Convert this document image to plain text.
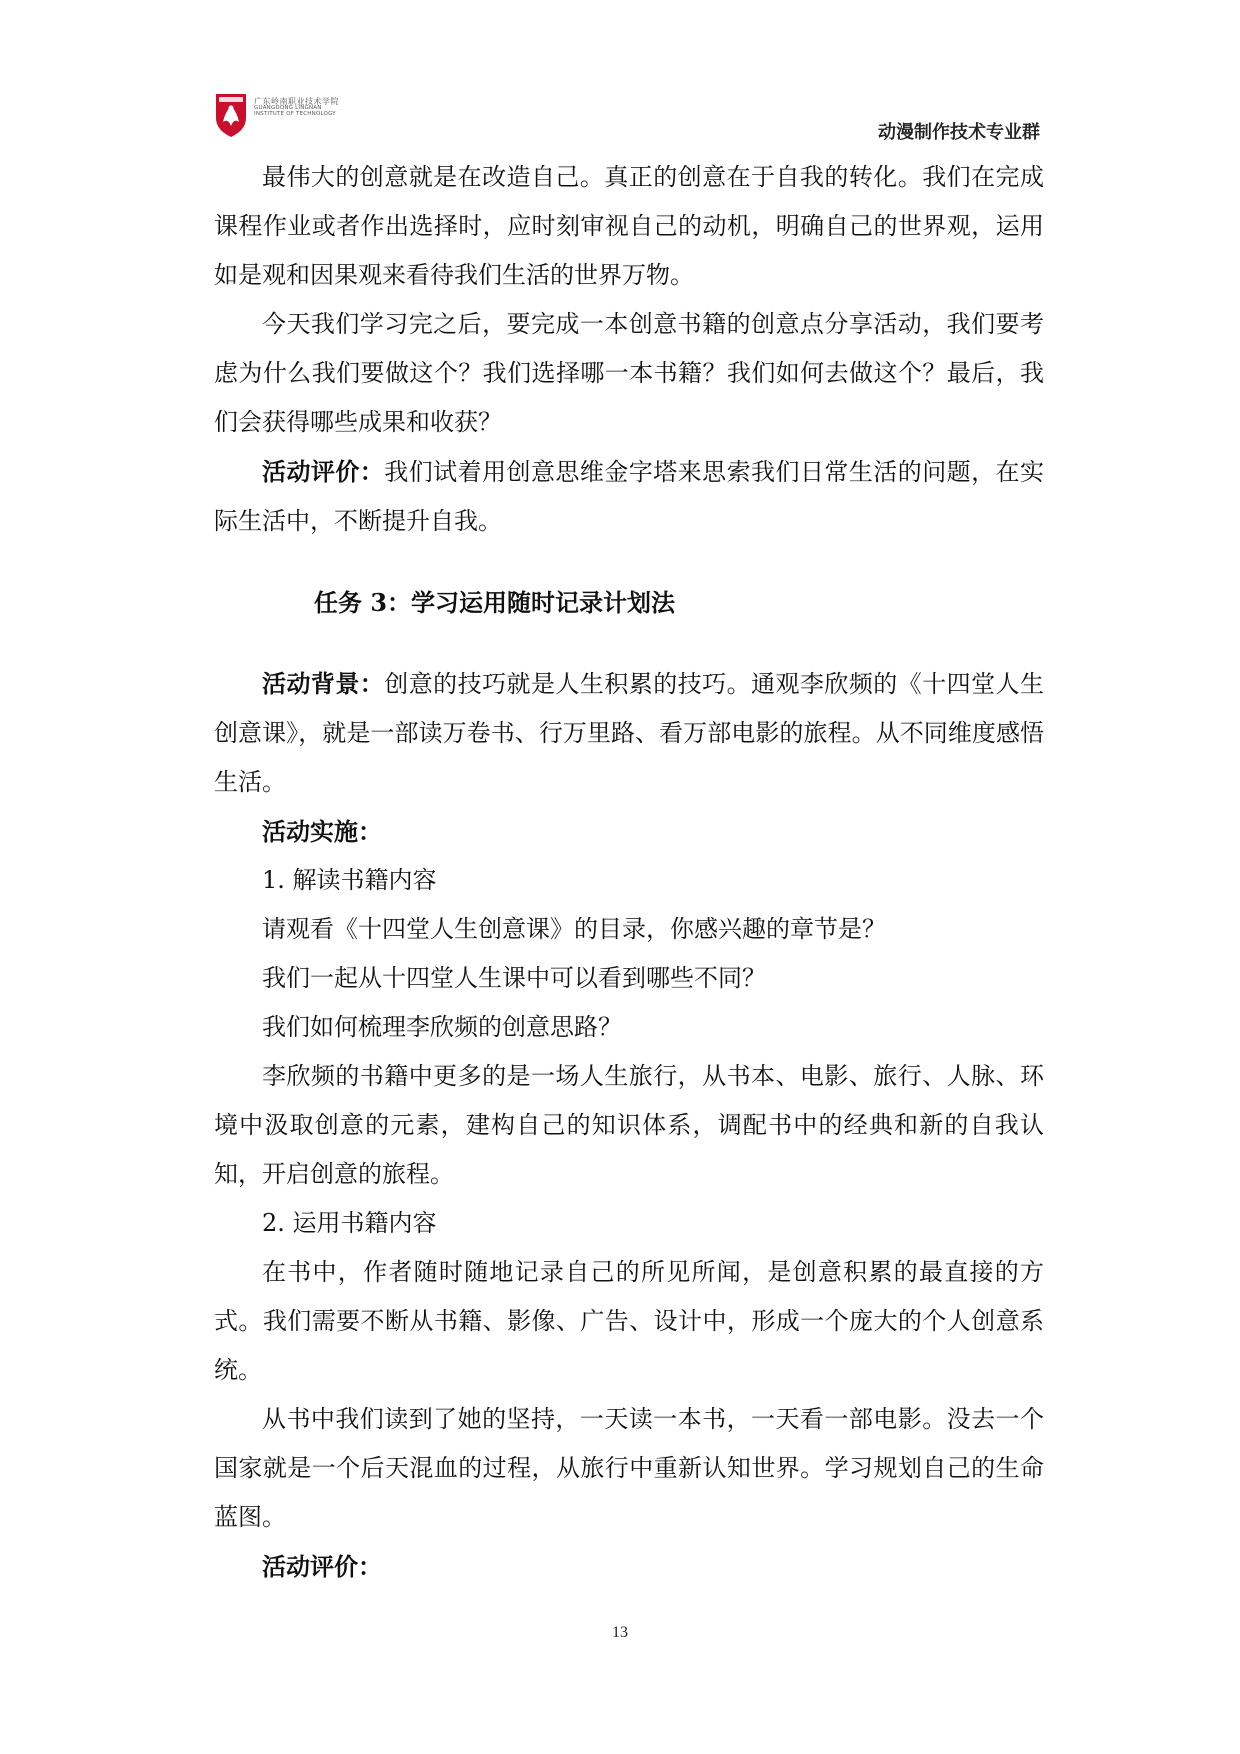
广东岭南职业技术学院
GUANGDONG LINGNAN
INSTITUTE OF TECHNOLOGY
动漫制作技术专业群

最伟大的创意就是在改造自己。真正的创意在于自我的转化。我们在完成课程作业或者作出选择时，应时刻审视自己的动机，明确自己的世界观，运用如是观和因果观来看待我们生活的世界万物。

今天我们学习完之后，要完成一本创意书籍的创意点分享活动，我们要考虑为什么我们要做这个？我们选择哪一本书籍？我们如何去做这个？最后，我们会获得哪些成果和收获？

活动评价：我们试着用创意思维金字塔来思索我们日常生活的问题，在实际生活中，不断提升自我。

任务 3：学习运用随时记录计划法

活动背景：创意的技巧就是人生积累的技巧。通观李欣频的《十四堂人生创意课》，就是一部读万卷书、行万里路、看万部电影的旅程。从不同维度感悟生活。

活动实施：

1. 解读书籍内容

请观看《十四堂人生创意课》的目录，你感兴趣的章节是？

我们一起从十四堂人生课中可以看到哪些不同？

我们如何梳理李欣频的创意思路？

李欣频的书籍中更多的是一场人生旅行，从书本、电影、旅行、人脉、环境中汲取创意的元素，建构自己的知识体系，调配书中的经典和新的自我认知，开启创意的旅程。

2. 运用书籍内容

在书中，作者随时随地记录自己的所见所闻，是创意积累的最直接的方式。我们需要不断从书籍、影像、广告、设计中，形成一个庞大的个人创意系统。

从书中我们读到了她的坚持，一天读一本书，一天看一部电影。没去一个国家就是一个后天混血的过程，从旅行中重新认知世界。学习规划自己的生命蓝图。

活动评价：

13
